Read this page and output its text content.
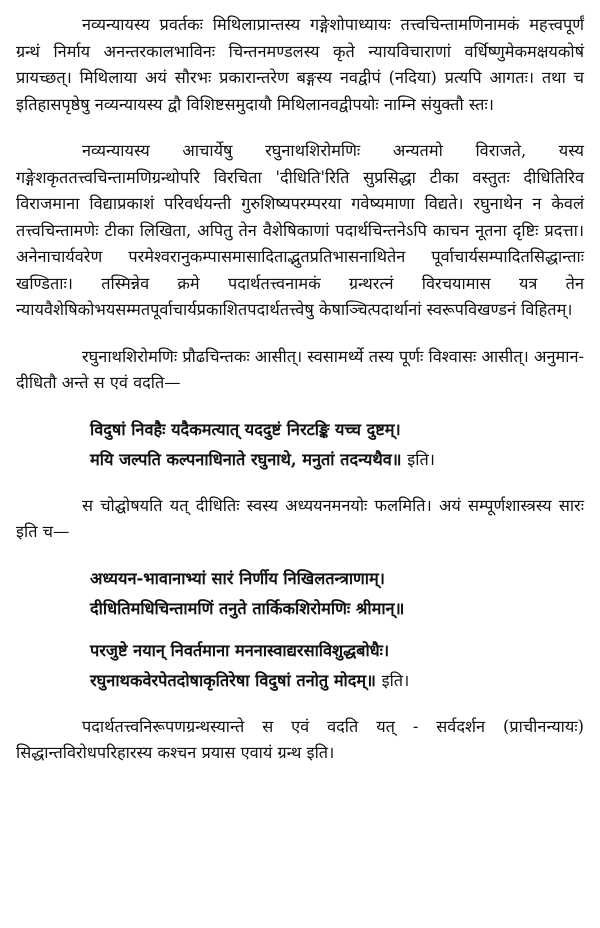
नव्यन्यायस्य प्रवर्तकः मिथिलाप्रान्तस्य गङ्गेशोपाध्यायः तत्त्वचिन्तामणिनामकं महत्त्वपूर्णं ग्रन्थं निर्माय अनन्तरकालभाविनः चिन्तनमण्डलस्य कृते न्यायविचाराणां वर्धिष्णुमेकमक्षयकोषं प्रायच्छत्। मिथिलाया अयं सौरभः प्रकारान्तरेण बङ्गस्य नवद्वीपं (नदिया) प्रत्यपि आगतः। तथा च इतिहासपृष्ठेषु नव्यन्यायस्य द्वौ विशिष्टसमुदायौ मिथिलानवद्वीपयोः नाम्नि संयुक्तौ स्तः।

नव्यन्यायस्य आचार्येषु रघुनाथशिरोमणिः अन्यतमो विराजते, यस्य गङ्गेशकृततत्त्वचिन्तामणिग्रन्थोपरि विरचिता 'दीधिति'रिति सुप्रसिद्धा टीका वस्तुतः दीधितिरिव विराजमाना विद्याप्रकाशं परिवर्धयन्ती गुरुशिष्यपरम्परया गवेष्यमाणा विद्यते। रघुनाथेन न केवलं तत्त्वचिन्तामणेः टीका लिखिता, अपितु तेन वैशेषिकाणां पदार्थचिन्तनेऽपि काचन नूतना दृष्टिः प्रदत्ता। अनेनाचार्यवरेण परमेश्वरानुकम्पासमासादिताद्भुतप्रतिभासनाथितेन पूर्वाचार्यसम्पादितसिद्धान्ताः खण्डिताः। तस्मिन्नेव क्रमे पदार्थतत्त्वनामकं ग्रन्थरत्नं विरचयामास यत्र तेन न्यायवैशेषिकोभयसम्मतपूर्वाचार्यप्रकाशितपदार्थतत्त्वेषु केषाञ्चित्पदार्थानां स्वरूपविखण्डनं विहितम्।

रघुनाथशिरोमणिः प्रौढचिन्तकः आसीत्। स्वसामर्थ्ये तस्य पूर्णः विश्वासः आसीत्। अनुमान-दीधितौ अन्ते स एवं वदति—

विदुषां निवहैः यदैकमत्यात् यददुष्टं निरटङ्कि यच्च दुष्टम्।
मयि जल्पति कल्पनाधिनाते रघुनाथे, मनुतां तदन्यथैव॥ इति।

स चोद्घोषयति यत् दीधितिः स्वस्य अध्ययनमनयोः फलमिति। अयं सम्पूर्णशास्त्रस्य सारः इति च—

अध्ययन-भावानाभ्यां सारं निर्णीय निखिलतन्त्राणाम्।
दीधितिमधिचिन्तामणिं तनुते तार्किकशिरोमणिः श्रीमान्॥
परजुष्टे नयान् निवर्तमाना मननास्वाद्यरसाविशुद्धबोधैः।
रघुनाथकवेरपेतदोषाकृतिरेषा विदुषां तनोतु मोदम्॥ इति।

पदार्थतत्त्वनिरूपणग्रन्थस्यान्ते स एवं वदति यत् - सर्वदर्शन (प्राचीनन्यायः) सिद्धान्तविरोधपरिहारस्य कश्चन प्रयास एवायं ग्रन्थ इति।
